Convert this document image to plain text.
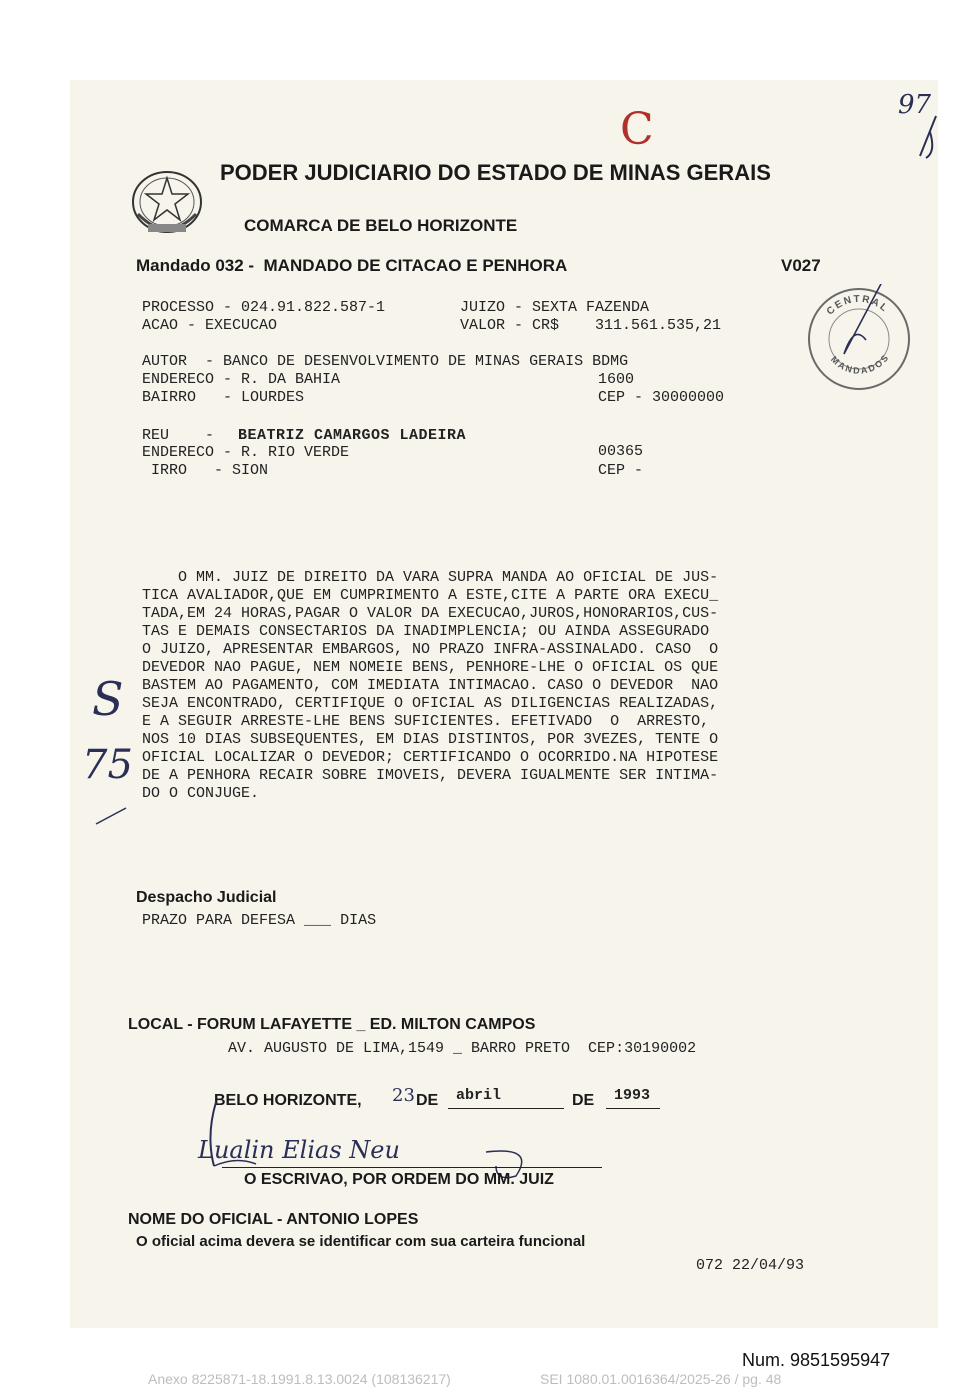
PODER JUDICIARIO DO ESTADO DE MINAS GERAIS
COMARCA DE BELO HORIZONTE
Mandado 032 -  MANDADO DE CITACAO E PENHORA	V027
PROCESSO - 024.91.822.587-1	JUIZO - SEXTA FAZENDA
ACAO - EXECUCAO	VALOR - CR$    311.561.535,21
AUTOR  - BANCO DE DESENVOLVIMENTO DE MINAS GERAIS BDMG
ENDERECO - R. DA BAHIA	1600
BAIRRO   - LOURDES	CEP - 30000000
REU    - BEATRIZ CAMARGOS LADEIRA
ENDERECO - R. RIO VERDE	00365
IRRO   - SION	CEP -
O MM. JUIZ DE DIREITO DA VARA SUPRA MANDA AO OFICIAL DE JUS-
TICA AVALIADOR,QUE EM CUMPRIMENTO A ESTE,CITE A PARTE ORA EXECU_
TADA,EM 24 HORAS,PAGAR O VALOR DA EXECUCAO,JUROS,HONORARIOS,CUS-
TAS E DEMAIS CONSECTARIOS DA INADIMPLENCIA; OU AINDA ASSEGURADO
O JUIZO, APRESENTAR EMBARGOS, NO PRAZO INFRA-ASSINALADO. CASO  O
DEVEDOR NAO PAGUE, NEM NOMEIE BENS, PENHORE-LHE O OFICIAL OS QUE
BASTEM AO PAGAMENTO, COM IMEDIATA INTIMACAO. CASO O DEVEDOR  NAO
SEJA ENCONTRADO, CERTIFIQUE O OFICIAL AS DILIGENCIAS REALIZADAS,
E A SEGUIR ARRESTE-LHE BENS SUFICIENTES. EFETIVADO  O  ARRESTO,
NOS 10 DIAS SUBSEQUENTES, EM DIAS DISTINTOS, POR 3VEZES, TENTE O
OFICIAL LOCALIZAR O DEVEDOR; CERTIFICANDO O OCORRIDO.NA HIPOTESE
DE A PENHORA RECAIR SOBRE IMOVEIS, DEVERA IGUALMENTE SER INTIMA-
DO O CONJUGE.
Despacho Judicial
PRAZO PARA DEFESA ___ DIAS
LOCAL - FORUM LAFAYETTE _ ED. MILTON CAMPOS
AV. AUGUSTO DE LIMA,1549 _ BARRO PRETO  CEP:30190002
BELO HORIZONTE, 23 DE abril	DE 1993
Lualin Elias Neu
O ESCRIVAO, POR ORDEM DO MM. JUIZ
NOME DO OFICIAL - ANTONIO LOPES
O oficial acima devera se identificar com sua carteira funcional
072 22/04/93
CENTRAL
MANDADOS
97
C
S
75
Num. 9851595947
Anexo 8225871-18.1991.8.13.0024 (108136217)	SEI 1080.01.0016364/2025-26 / pg. 48
